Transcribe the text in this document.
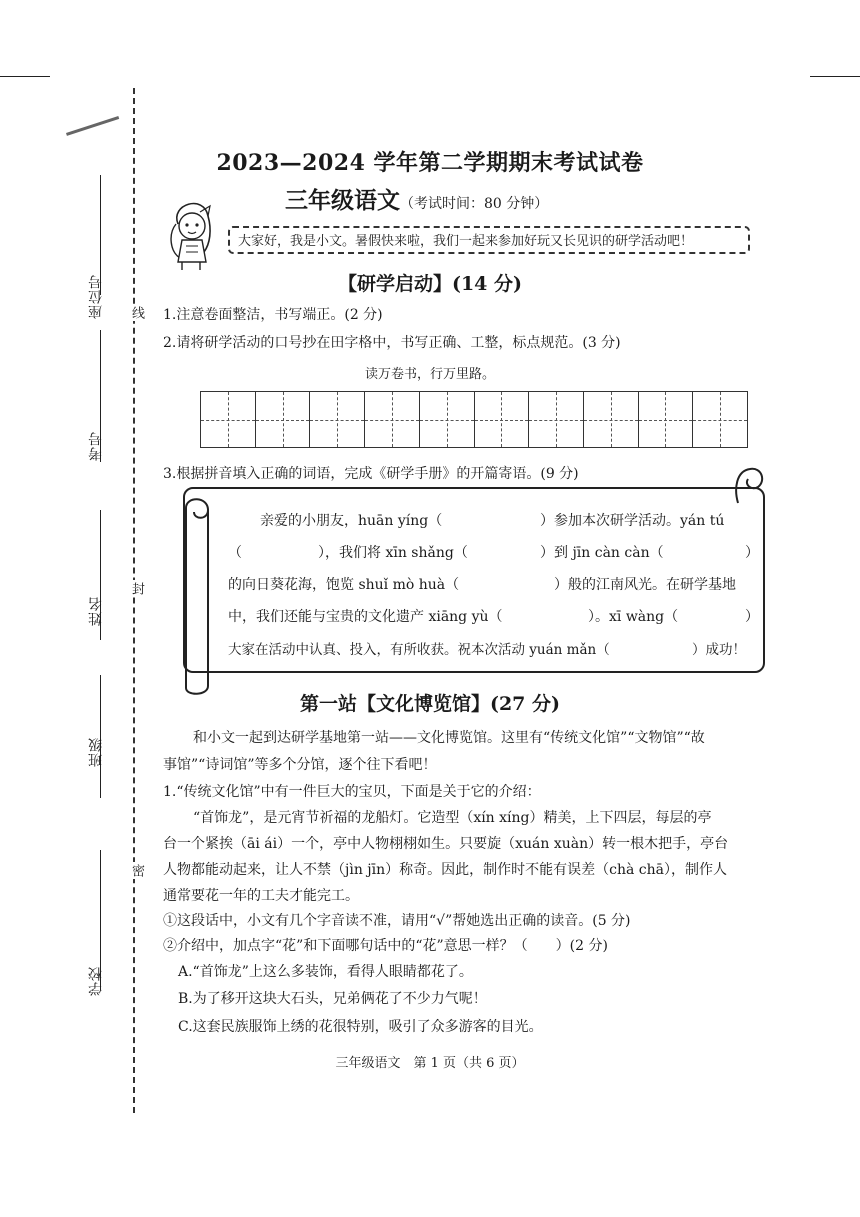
座位号
考号
姓名
班级
学校
线
封
密
2023—2024 学年第二学期期末考试试卷
三年级语文（考试时间：80 分钟）
大家好，我是小文。暑假快来啦，我们一起来参加好玩又长见识的研学活动吧！
【研学启动】(14 分)
1.注意卷面整洁，书写端正。(2 分)
2.请将研学活动的口号抄在田字格中，书写正确、工整，标点规范。(3 分)
读万卷书，行万里路。
3.根据拼音填入正确的词语，完成《研学手册》的开篇寄语。(9 分)
亲爱的小朋友，huān yíng（	）参加本次研学活动。yán tú
（	），我们将 xīn shǎng（	）到 jīn càn càn（	）
的向日葵花海，饱览 shuǐ mò huà（	）般的江南风光。在研学基地
中，我们还能与宝贵的文化遗产 xiāng yù（	）。xī wàng（	）
大家在活动中认真、投入，有所收获。祝本次活动 yuán mǎn（	）成功！
第一站【文化博览馆】(27 分)
和小文一起到达研学基地第一站——文化博览馆。这里有“传统文化馆”“文物馆”“故
事馆”“诗词馆”等多个分馆，逐个往下看吧！
1.“传统文化馆”中有一件巨大的宝贝，下面是关于它的介绍：
“首饰龙”，是元宵节祈福的龙船灯。它造型（xín xíng）精美，上下四层，每层的亭
台一个紧挨（āi ái）一个，亭中人物栩栩如生。只要旋（xuán xuàn）转一根木把手，亭台
人物都能动起来，让人不禁（jìn jīn）称奇。因此，制作时不能有误差（chà chā），制作人
通常要花一年的工夫才能完工。
①这段话中，小文有几个字音读不准，请用“√”帮她选出正确的读音。(5 分)
②介绍中，加点字“花”和下面哪句话中的“花”意思一样？（　　）(2 分)
A.“首饰龙”上这么多装饰，看得人眼睛都花了。
B.为了移开这块大石头，兄弟俩花了不少力气呢！
C.这套民族服饰上绣的花很特别，吸引了众多游客的目光。
三年级语文　第 1 页（共 6 页）
